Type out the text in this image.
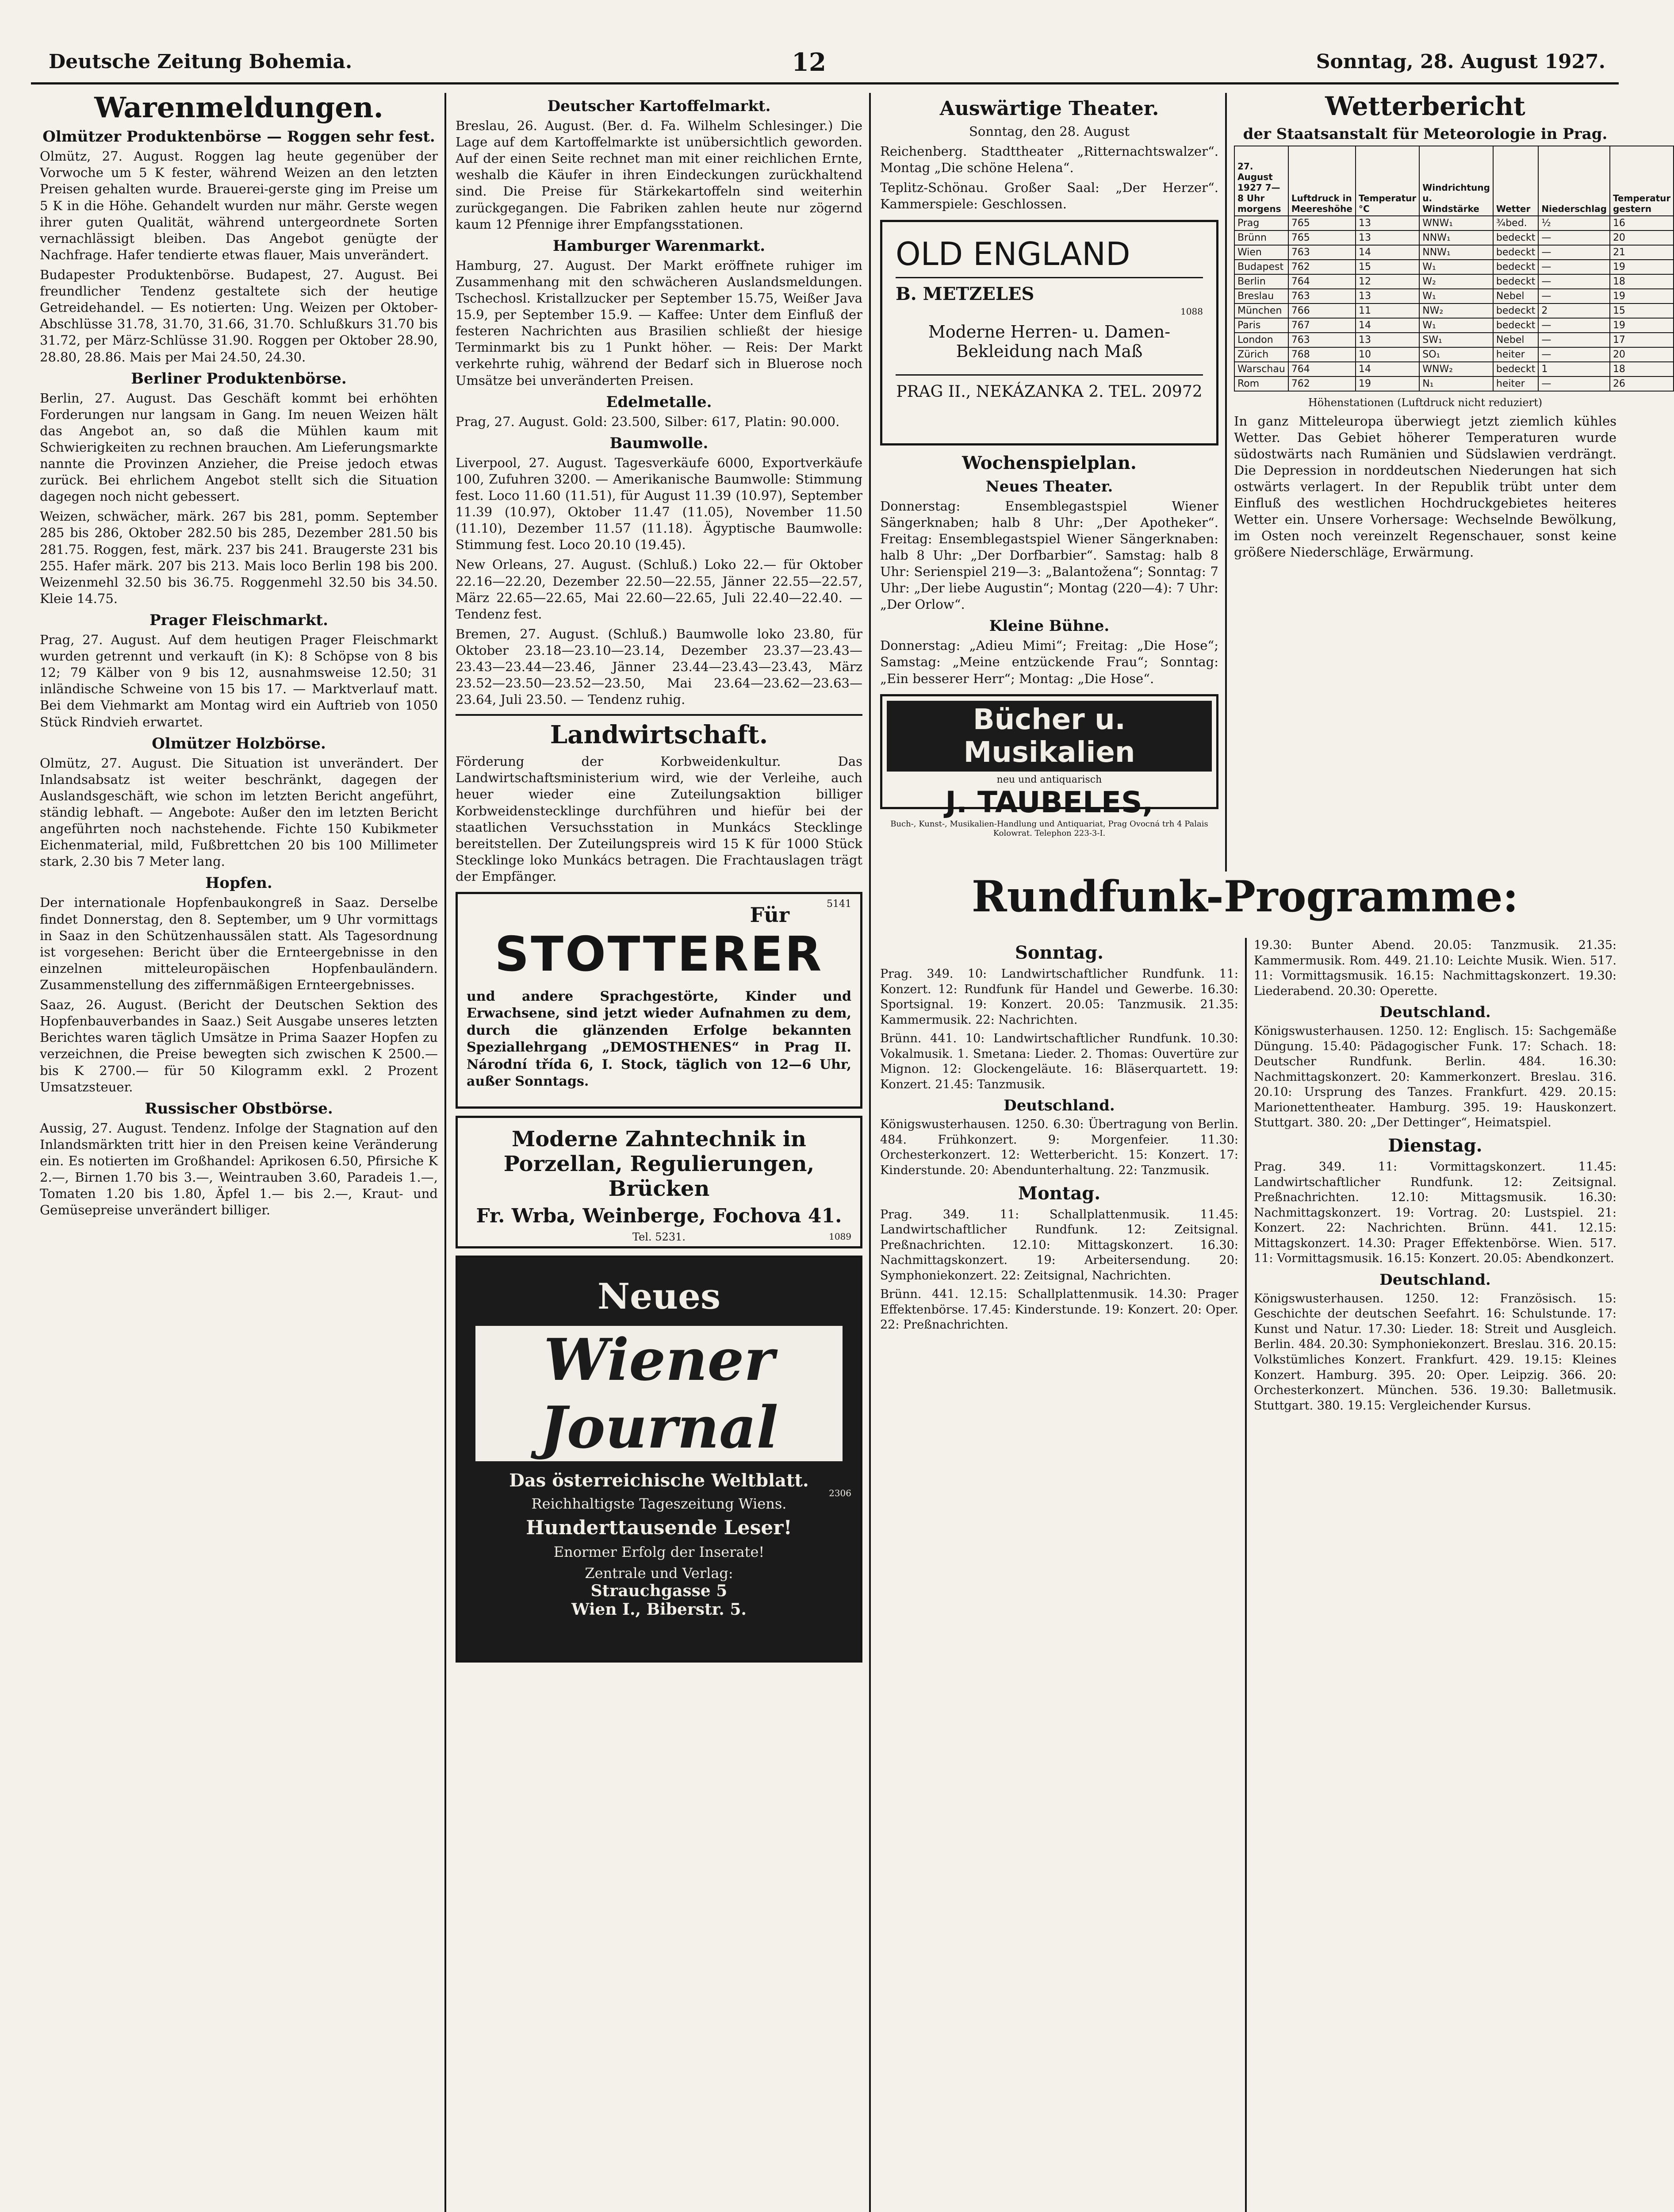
Deutsche Zeitung Bohemia.	12	Sonntag, 28. August 1927.
Warenmeldungen.
Olmützer Produktenbörse — Roggen sehr fest.

Olmütz, 27. August. Roggen lag heute gegenüber der Vorwoche um 5 K fester, während Weizen an den letzten Preisen gehalten wurde. Brauerei-gerste ging im Preise um 5 K in die Höhe. Gehandelt wurden nur mähr. Gerste wegen ihrer guten Qualität, während untergeordnete Sorten vernachlässigt bleiben. Das Angebot genügte der Nachfrage. Hafer tendierte etwas flauer, Mais unverändert.

Budapester Produktenbörse. Budapest, 27. August. Bei freundlicher Tendenz gestaltete sich der heutige Getreidehandel. — Es notierten: Ung. Weizen per Oktober-Abschlüsse 31.78, 31.70, 31.66, 31.70. Schlußkurs 31.70 bis 31.72, per März-Schlüsse 31.90. Roggen per Oktober 28.90, 28.80, 28.86. Mais per Mai 24.50, 24.30.

Berliner Produktenbörse.

Berlin, 27. August. Das Geschäft kommt bei erhöhten Forderungen nur langsam in Gang. Im neuen Weizen hält das Angebot an, so daß die Mühlen kaum mit Schwierigkeiten zu rechnen brauchen. Am Lieferungsmarkte nannte die Provinzen Anzieher, die Preise jedoch etwas zurück. Bei ehrlichem Angebot stellt sich die Situation dagegen noch nicht gebessert.

Weizen, schwächer, märk. 267 bis 281, pomm. September 285 bis 286, Oktober 282.50 bis 285, Dezember 281.50 bis 281.75. Roggen, fest, märk. 237 bis 241. Braugerste 231 bis 255. Hafer märk. 207 bis 213. Mais loco Berlin 198 bis 200. Weizenmehl 32.50 bis 36.75. Roggenmehl 32.50 bis 34.50. Kleie 14.75.

Prager Fleischmarkt.

Prag, 27. August. Auf dem heutigen Prager Fleischmarkt wurden getrennt und verkauft (in K): 8 Schöpse von 8 bis 12; 79 Kälber von 9 bis 12, ausnahmsweise 12.50; 31 inländische Schweine von 15 bis 17. — Marktverlauf matt. Bei dem Viehmarkt am Montag wird ein Auftrieb von 1050 Stück Rindvieh erwartet.

Olmützer Holzbörse.

Olmütz, 27. August. Die Situation ist unverändert. Der Inlandsabsatz ist weiter beschränkt, dagegen der Auslandsgeschäft, wie schon im letzten Bericht angeführt, ständig lebhaft. — Angebote: Außer den im letzten Bericht angeführten noch nachstehende. Fichte 150 Kubikmeter Eichenmaterial, mild, Fußbrettchen 20 bis 100 Millimeter stark, 2.30 bis 7 Meter lang.

Hopfen.

Der internationale Hopfenbaukongreß in Saaz. Derselbe findet Donnerstag, den 8. September, um 9 Uhr vormittags in Saaz in den Schützenhaussälen statt. Als Tagesordnung ist vorgesehen: Bericht über die Ernteergebnisse in den einzelnen mitteleuropäischen Hopfenbauländern. Zusammenstellung des ziffernmäßigen Ernteergebnisses.

Saaz, 26. August. (Bericht der Deutschen Sektion des Hopfenbauverbandes in Saaz.) Seit Ausgabe unseres letzten Berichtes waren täglich Umsätze in Prima Saazer Hopfen zu verzeichnen, die Preise bewegten sich zwischen K 2500.— bis K 2700.— für 50 Kilogramm exkl. 2 Prozent Umsatzsteuer.

Russischer Obstbörse.

Aussig, 27. August. Tendenz. Infolge der Stagnation auf den Inlandsmärkten tritt hier in den Preisen keine Veränderung ein. Es notierten im Großhandel: Aprikosen 6.50, Pfirsiche K 2.—, Birnen 1.70 bis 3.—, Weintrauben 3.60, Paradeis 1.—, Tomaten 1.20 bis 1.80, Äpfel 1.— bis 2.—, Kraut- und Gemüsepreise unverändert billiger.

Deutscher Kartoffelmarkt.

Breslau, 26. August. (Ber. d. Fa. Wilhelm Schlesinger.) Die Lage auf dem Kartoffelmarkte ist unübersichtlich geworden. Auf der einen Seite rechnet man mit einer reichlichen Ernte, weshalb die Käufer in ihren Eindeckungen zurückhaltend sind. Die Preise für Stärkekartoffeln sind weiterhin zurückgegangen. Die Fabriken zahlen heute nur zögernd kaum 12 Pfennige ihrer Empfangsstationen.

Hamburger Warenmarkt.

Hamburg, 27. August. Der Markt eröffnete ruhiger im Zusammenhang mit den schwächeren Auslandsmeldungen. Tschechosl. Kristallzucker per September 15.75, Weißer Java 15.9, per September 15.9. — Kaffee: Unter dem Einfluß der festeren Nachrichten aus Brasilien schließt der hiesige Terminmarkt bis zu 1 Punkt höher. — Reis: Der Markt verkehrte ruhig, während der Bedarf sich in Bluerose noch Umsätze bei unveränderten Preisen.

Edelmetalle.

Prag, 27. August. Gold: 23.500, Silber: 617, Platin: 90.000.

Baumwolle.

Liverpool, 27. August. Tagesverkäufe 6000, Exportverkäufe 100, Zufuhren 3200. — Amerikanische Baumwolle: Stimmung fest. Loco 11.60 (11.51), für August 11.39 (10.97), September 11.39 (10.97), Oktober 11.47 (11.05), November 11.50 (11.10), Dezember 11.57 (11.18). Ägyptische Baumwolle: Stimmung fest. Loco 20.10 (19.45).

New Orleans, 27. August. (Schluß.) Loko 22.— für Oktober 22.16—22.20, Dezember 22.50—22.55, Jänner 22.55—22.57, März 22.65—22.65, Mai 22.60—22.65, Juli 22.40—22.40. — Tendenz fest.

Bremen, 27. August. (Schluß.) Baumwolle loko 23.80, für Oktober 23.18—23.10—23.14, Dezember 23.37—23.43—23.43—23.44—23.46, Jänner 23.44—23.43—23.43, März 23.52—23.50—23.52—23.50, Mai 23.64—23.62—23.63—23.64, Juli 23.50. — Tendenz ruhig.

Landwirtschaft.

Förderung der Korbweidenkultur. Das Landwirtschaftsministerium wird, wie der Verleihe, auch heuer wieder eine Zuteilungsaktion billiger Korbweidenstecklinge durchführen und hiefür bei der staatlichen Versuchsstation in Munkács Stecklinge bereitstellen. Der Zuteilungspreis wird 15 K für 1000 Stück Stecklinge loko Munkács betragen. Die Frachtauslagen trägt der Empfänger.

5141
Für
STOTTERER

und andere Sprachgestörte, Kinder und Erwachsene, sind jetzt wieder Aufnahmen zu dem, durch die glänzenden Erfolge bekannten Speziallehrgang „DEMOSTHENES“ in Prag II. Národní třída 6, I. Stock, täglich von 12—6 Uhr, außer Sonntags.

Moderne Zahntechnik in Porzellan, Regulierungen, Brücken
Fr. Wrba, Weinberge, Fochova 41.
Tel. 5231.	1089
Neues
Wiener Journal
Das österreichische Weltblatt.
Reichhaltigste Tageszeitung Wiens.
Hunderttausende Leser!
Enormer Erfolg der Inserate!
Zentrale und Verlag:
Strauchgasse 5
Wien I., Biberstr. 5.
2306
Auswärtige Theater.

Sonntag, den 28. August

Reichenberg. Stadttheater „Ritternachtswalzer“. Montag „Die schöne Helena“.

Teplitz-Schönau. Großer Saal: „Der Herzer“. Kammerspiele: Geschlossen.

OLD ENGLAND
B. METZELES
1088
Moderne Herren- u. Damen-Bekleidung nach Maß
PRAG II., NEKÁZANKA 2. TEL. 20972
Wochenspielplan.
Neues Theater.

Donnerstag: Ensemblegastspiel Wiener Sängerknaben; halb 8 Uhr: „Der Apotheker“. Freitag: Ensemblegastspiel Wiener Sängerknaben: halb 8 Uhr: „Der Dorfbarbier“. Samstag: halb 8 Uhr: Serienspiel 219—3: „Balantožena“; Sonntag: 7 Uhr: „Der liebe Augustin“; Montag (220—4): 7 Uhr: „Der Orlow“.

Kleine Bühne.

Donnerstag: „Adieu Mimi“; Freitag: „Die Hose“; Samstag: „Meine entzückende Frau“; Sonntag: „Ein besserer Herr“; Montag: „Die Hose“.

Bücher u. Musikalien
neu und antiquarisch
J. TAUBELES,
Buch-, Kunst-, Musikalien-Handlung und Antiquariat, Prag Ovocná trh 4 Palais Kolowrat. Telephon 223-3-I.
Wetterbericht
der Staatsanstalt für Meteorologie in Prag.
27. August 1927 7—8 Uhr morgens	Luftdruck in Meereshöhe	Temperatur °C	Windrichtung u. Windstärke	Wetter	Niederschlag	Temperatur gestern
Prag	765	13	WNW₁	¾bed.	½	16
Brünn	765	13	NNW₁	bedeckt	—	20
Wien	763	14	NNW₁	bedeckt	—	21
Budapest	762	15	W₁	bedeckt	—	19
Berlin	764	12	W₂	bedeckt	—	18
Breslau	763	13	W₁	Nebel	—	19
München	766	11	NW₂	bedeckt	2	15
Paris	767	14	W₁	bedeckt	—	19
London	763	13	SW₁	Nebel	—	17
Zürich	768	10	SO₁	heiter	—	20
Warschau	764	14	WNW₂	bedeckt	1	18
Rom	762	19	N₁	heiter	—	26

Höhenstationen (Luftdruck nicht reduziert)

In ganz Mitteleuropa überwiegt jetzt ziemlich kühles Wetter. Das Gebiet höherer Temperaturen wurde südostwärts nach Rumänien und Südslawien verdrängt. Die Depression in norddeutschen Niederungen hat sich ostwärts verlagert. In der Republik trübt unter dem Einfluß des westlichen Hochdruckgebietes heiteres Wetter ein. Unsere Vorhersage: Wechselnde Bewölkung, im Osten noch vereinzelt Regenschauer, sonst keine größere Niederschläge, Erwärmung.

Rundfunk-Programme:
Sonntag.

Prag. 349. 10: Landwirtschaftlicher Rundfunk. 11: Konzert. 12: Rundfunk für Handel und Gewerbe. 16.30: Sportsignal. 19: Konzert. 20.05: Tanzmusik. 21.35: Kammermusik. 22: Nachrichten.

Brünn. 441. 10: Landwirtschaftlicher Rundfunk. 10.30: Vokalmusik. 1. Smetana: Lieder. 2. Thomas: Ouvertüre zur Mignon. 12: Glockengeläute. 16: Bläserquartett. 19: Konzert. 21.45: Tanzmusik.

Deutschland.

Königswusterhausen. 1250. 6.30: Übertragung von Berlin. 484. Frühkonzert. 9: Morgenfeier. 11.30: Orchesterkonzert. 12: Wetterbericht. 15: Konzert. 17: Kinderstunde. 20: Abendunterhaltung. 22: Tanzmusik.

Montag.

Prag. 349. 11: Schallplattenmusik. 11.45: Landwirtschaftlicher Rundfunk. 12: Zeitsignal. Preßnachrichten. 12.10: Mittagskonzert. 16.30: Nachmittagskonzert. 19: Arbeitersendung. 20: Symphoniekonzert. 22: Zeitsignal, Nachrichten.

Brünn. 441. 12.15: Schallplattenmusik. 14.30: Prager Effektenbörse. 17.45: Kinderstunde. 19: Konzert. 20: Oper. 22: Preßnachrichten.

19.30: Bunter Abend. 20.05: Tanzmusik. 21.35: Kammermusik. Rom. 449. 21.10: Leichte Musik. Wien. 517. 11: Vormittagsmusik. 16.15: Nachmittagskonzert. 19.30: Liederabend. 20.30: Operette.

Deutschland.

Königswusterhausen. 1250. 12: Englisch. 15: Sachgemäße Düngung. 15.40: Pädagogischer Funk. 17: Schach. 18: Deutscher Rundfunk. Berlin. 484. 16.30: Nachmittagskonzert. 20: Kammerkonzert. Breslau. 316. 20.10: Ursprung des Tanzes. Frankfurt. 429. 20.15: Marionettentheater. Hamburg. 395. 19: Hauskonzert. Stuttgart. 380. 20: „Der Dettinger“, Heimatspiel.

Dienstag.

Prag. 349. 11: Vormittagskonzert. 11.45: Landwirtschaftlicher Rundfunk. 12: Zeitsignal. Preßnachrichten. 12.10: Mittagsmusik. 16.30: Nachmittagskonzert. 19: Vortrag. 20: Lustspiel. 21: Konzert. 22: Nachrichten. Brünn. 441. 12.15: Mittagskonzert. 14.30: Prager Effektenbörse. Wien. 517. 11: Vormittagsmusik. 16.15: Konzert. 20.05: Abendkonzert.

Deutschland.

Königswusterhausen. 1250. 12: Französisch. 15: Geschichte der deutschen Seefahrt. 16: Schulstunde. 17: Kunst und Natur. 17.30: Lieder. 18: Streit und Ausgleich. Berlin. 484. 20.30: Symphoniekonzert. Breslau. 316. 20.15: Volkstümliches Konzert. Frankfurt. 429. 19.15: Kleines Konzert. Hamburg. 395. 20: Oper. Leipzig. 366. 20: Orchesterkonzert. München. 536. 19.30: Balletmusik. Stuttgart. 380. 19.15: Vergleichender Kursus.
